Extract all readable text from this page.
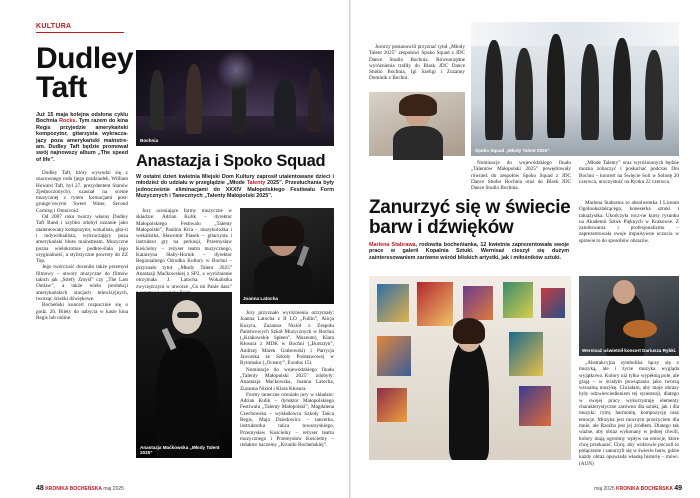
KULTURA
Dudley
Taft
Już 15 maja kolejna odsłona cyklu Bochnia Rocks. Tym razem do kina Regis przyjedzie amerykański kompozytor, gitarzysta wykracza-jący poza amerykański mainstre-am. Dudley Taft będzie promował swój najnowszy album „The speed of life”.

Dudley Taft, który wywodzi się z szacownego rodu (jego pradziadek, William Howard Taft, był 27. prezydentem Stanów Zjednoczonych), uzasnał na scenie muzycznej z rytem formacjami post-grunge’owymi Sweet Water, Second Coming i Omnivoid.

Od 2007 roku tworzy własny Dudley Taft Band i szybko zdobył uznanie jako utalentowany kompozytor, wokalista, gita-ri i indywidualista, wykraczający poza amerykański blues mainstream. Muzyczne pozna wielokrotnie podkre-ślała jego oryginalność, a stylistyczne powroty do ZZ Top.

Jego twórczość doceniło także przemysł filmowy – utwory muzyczne do filmów takich jak „Strefy Zmyśl” czy „The Last Outlaw”, a także wielu produkcji amerykańskich stacjach telewizyjnych, tworząc ścieżki dźwiękowe.

Bocheński koncert rozpocznie się o godz. 20. Bilety do nabycia w kasie kina Regis lub online.

Bochnia
Anastazja i Spoko Squad
W ostatni dzień kwietnia Miejski Dom Kultury zaprosił utalentowane dzieci i młodzież do udziału w przeglądzie „Młode Talenty 2025”. Przesłuchania były jednocześnie eliminacjami do XXXIV Małopolskiego Festiwalu Form Muzycznych i Tanecznych „Talenty Małopolski 2025”.

Jury oceniające formy muzyczne w składzie: Adrian Kulik – dyrektor Małopolskiego Festiwalu „Talenty Małopolski”, Paulina Kica – muzykolożka i wokalistka, Sławomir Piasek – gitarzysta i instruktor gry na perkusji, Przemysław Kościelny – reżyser teatru muzycznego, Katarzyna Słaby-Hornik – dyrektor Regionalnego Ośrodka Kultury w Bochni – przyznało tytuł „Młody Talent 2025” Anastazji Maćkowskiej z SP2, a wyróżnienie otrzymała J. Latocha. Wokalistka zwyciężczyni w utworze „Co mi Panie dasz”

Joanna Latocha
Anastazja Maćkowska „Młody Talent 2025”

Jury przyznało wyróżnienia otrzymały: Joanna Latocha z II LO „Fullin”, Alicja Kozyra, Zuzanna Niziół z Zespołu Państwowych Szkół Muzycznych w Bochni („Krakowskie Spleen”, Muzeum), Klara Kłosura z MDK w Bochni („Bursztyn”, Andrzej Marek Grabowski) i Patrycja Jaworska ze Szkoły Podstawowej w Bytomsku („Oceany”, Exodus 15).

Nominacje do wojewódzkiego finału „Talenty Małopolski 2025” zdobyły: Anastazja Maćkowska, Joanna Latocha, Zuzanna Niziół i Klara Kłosura.

Formy taneczne oceniało jury w składzie: Adrian Kulik – dyrektor Małopolskiego Festiwalu „Talenty Małopolski”, Magdalena Czechowska – wykładowca Szkoły Tańca Regis, Maja Dziedowicz – tancerka, instruktorka tańca towarzyskiego, Przemysław Kościelny – reżyser teatru muzycznego i Przemysław Kościelny – redaktor naczelny „Kroniki Bocheńskiej”.

48 KRONIKA BOCHEŃSKA maj 2025

Jurorzy postanowili przyznać tytuł „Młody Talent 2025” zespołowi Spoko Squad z JDC Dance Studio Bochnia. Równorzędne wyróżnienia trafiły do Blask JDC Dance Studio Bochnia, Igi Szeligi i Zuzanny Dominik z Bochni.

Spoko Squad „Młody Talent 2025”

Nominacje do wojewódzkiego finału „Talentów Małopolski 2025” powędrowały również do zespołów Spoko Squad z JDC Dance Studio Bochnia oraz do Blask JDC Dance Studio Bochnia.

„Młode Talenty” oraz wyróżnionych będzie można zobaczyć i posłuchać podczas Dni Bochni – koncert na Święcie Soli w Sobotę 20 czerwca, uroczystość na Rynku 22 czerwca.

Zanurzyć się w świecie
barw i dźwięków
Marlena Stabrawa, rodowita bocheńianka, 12 kwietnia zaprezentowała swoje prace w galerii Kopalnia Sztuki. Wernisaż cieszył się dużym zainteresowaniem zarówno wśród bliskich artystki, jak i miłośników sztuki.

Marlena Stabrawa to absolwentka I Liceum Ogólnokształcącego, koneserka sztuki i tatuażystka. Ukończyła rocz-ne kursy rysunku na Akademii Sztuk Pięknych w Krakowie. Z zamiłowania i profesjonalizmu – zaprezentowała swoje impulsywne uczucia w sprawie to do sposobów obrazów.

Wernisaż uświetnił koncert Dariusza Rybki.

„Abstrakcyjna symbolika łączy się z muzyką, ale i życie muzyka wygląda wyjątkowo. Kolory niż tylko wypełnią pole, ale grają – w ścisłym powiązaniu jako tworzą wizualną muzykę. Chciałam, aby moje obrazy były odzwierciedleniem tej synestezji, dlatego w swojej pracy wykorzystuję elementy charakterystyczne zarówno dla sztuki, jak i dla muzyki: rytm, harmonię, kompozycję oraz emocje. Muzyka jest mocnym przeżyciem dla mnie, ale Rzeźba jest jej źródłem. Dlatego tak ważne, aby obraz wykonany w jednej chwili, kolory mają ogromny wpływ na emocje, które chcę przekazać. Chcę, aby widzowie poczuli to połączenie i zanurzyli się w świecie barw, gdzie każdy obraz opowiada własną historię – mówi. (AUN)

maj 2025 KRONIKA BOCHEŃSKA 49
